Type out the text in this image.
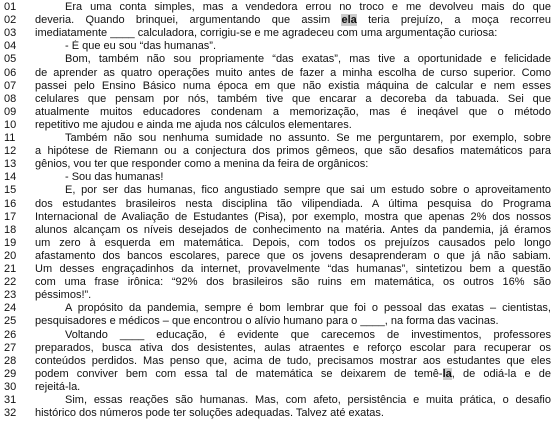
01	Era uma conta simples, mas a vendedora errou no troco e me devolveu mais do que
02	deveria. Quando brinquei, argumentando que assim ela teria prejuízo, a moça recorreu
03	imediatamente ____ calculadora, corrigiu-se e me agradeceu com uma argumentação curiosa:
04	- É que eu sou “das humanas”.
05	Bom, também não sou propriamente “das exatas”, mas tive a oportunidade e felicidade
06	de aprender as quatro operações muito antes de fazer a minha escolha de curso superior. Como
07	passei pelo Ensino Básico numa época em que não existia máquina de calcular e nem esses
08	celulares que pensam por nós, também tive que encarar a decoreba da tabuada. Sei que
09	atualmente muitos educadores condenam a memorização, mas é ineqável que o método
10	repetitivo me ajudou e ainda me ajuda nos cálculos elementares.
11	Também não sou nenhuma sumidade no assunto. Se me perguntarem, por exemplo, sobre
12	a hipótese de Riemann ou a conjectura dos primos gêmeos, que são desafios matemáticos para
13	gênios, vou ter que responder como a menina da feira de orgânicos:
14	- Sou das humanas!
15	E, por ser das humanas, fico angustiado sempre que sai um estudo sobre o aproveitamento
16	dos estudantes brasileiros nesta disciplina tão vilipendiada. A última pesquisa do Programa
17	Internacional de Avaliação de Estudantes (Pisa), por exemplo, mostra que apenas 2% dos nossos
18	alunos alcançam os níveis desejados de conhecimento na matéria. Antes da pandemia, já éramos
19	um zero à esquerda em matemática. Depois, com todos os prejuízos causados pelo longo
20	afastamento dos bancos escolares, parece que os jovens desaprenderam o que já não sabiam.
21	Um desses engraçadinhos da internet, provavelmente “das humanas”, sintetizou bem a questão
22	com uma frase irônica: “92% dos brasileiros são ruins em matemática, os outros 16% são
23	péssimos!”.
24	A propósito da pandemia, sempre é bom lembrar que foi o pessoal das exatas – cientistas,
25	pesquisadores e médicos – que encontrou o alívio humano para o ____, na forma das vacinas.
26	Voltando ____ educação, é evidente que carecemos de investimentos, professores
27	preparados, busca ativa dos desistentes, aulas atraentes e reforço escolar para recuperar os
28	conteúdos perdidos. Mas penso que, acima de tudo, precisamos mostrar aos estudantes que eles
29	podem conviver bem com essa tal de matemática se deixarem de temê-la, de odiá-la e de
30	rejeitá-la.
31	Sim, essas reações são humanas. Mas, com afeto, persistência e muita prática, o desafio
32	histórico dos números pode ter soluções adequadas. Talvez até exatas.
